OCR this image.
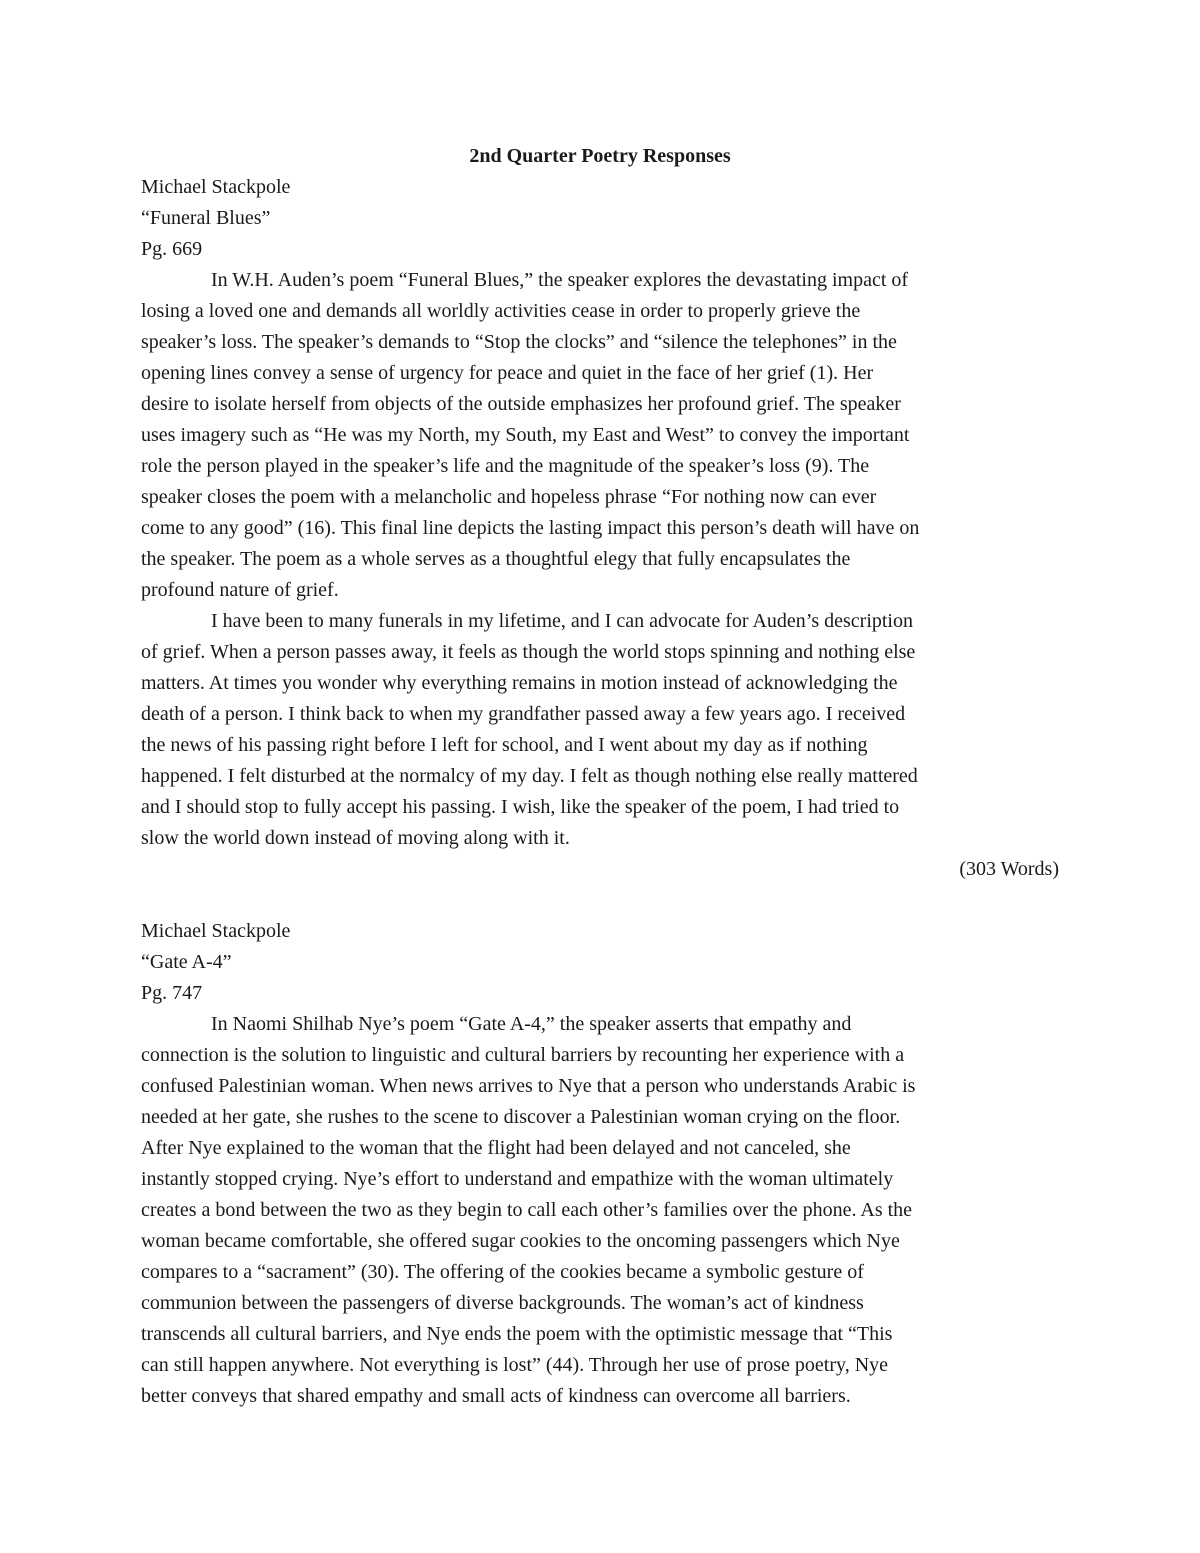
2nd Quarter Poetry Responses

Michael Stackpole

“Funeral Blues”

Pg. 669

In W.H. Auden’s poem “Funeral Blues,” the speaker explores the devastating impact of
losing a loved one and demands all worldly activities cease in order to properly grieve the
speaker’s loss. The speaker’s demands to “Stop the clocks” and “silence the telephones” in the
opening lines convey a sense of urgency for peace and quiet in the face of her grief (1). Her
desire to isolate herself from objects of the outside emphasizes her profound grief. The speaker
uses imagery such as “He was my North, my South, my East and West” to convey the important
role the person played in the speaker’s life and the magnitude of the speaker’s loss (9). The
speaker closes the poem with a melancholic and hopeless phrase “For nothing now can ever
come to any good” (16). This final line depicts the lasting impact this person’s death will have on
the speaker. The poem as a whole serves as a thoughtful elegy that fully encapsulates the
profound nature of grief.

I have been to many funerals in my lifetime, and I can advocate for Auden’s description
of grief. When a person passes away, it feels as though the world stops spinning and nothing else
matters. At times you wonder why everything remains in motion instead of acknowledging the
death of a person. I think back to when my grandfather passed away a few years ago. I received
the news of his passing right before I left for school, and I went about my day as if nothing
happened. I felt disturbed at the normalcy of my day. I felt as though nothing else really mattered
and I should stop to fully accept his passing. I wish, like the speaker of the poem, I had tried to
slow the world down instead of moving along with it.

(303 Words)

Michael Stackpole

“Gate A-4”

Pg. 747

In Naomi Shilhab Nye’s poem “Gate A-4,” the speaker asserts that empathy and
connection is the solution to linguistic and cultural barriers by recounting her experience with a
confused Palestinian woman. When news arrives to Nye that a person who understands Arabic is
needed at her gate, she rushes to the scene to discover a Palestinian woman crying on the floor.
After Nye explained to the woman that the flight had been delayed and not canceled, she
instantly stopped crying. Nye’s effort to understand and empathize with the woman ultimately
creates a bond between the two as they begin to call each other’s families over the phone. As the
woman became comfortable, she offered sugar cookies to the oncoming passengers which Nye
compares to a “sacrament” (30). The offering of the cookies became a symbolic gesture of
communion between the passengers of diverse backgrounds. The woman’s act of kindness
transcends all cultural barriers, and Nye ends the poem with the optimistic message that “This
can still happen anywhere. Not everything is lost” (44). Through her use of prose poetry, Nye
better conveys that shared empathy and small acts of kindness can overcome all barriers.
